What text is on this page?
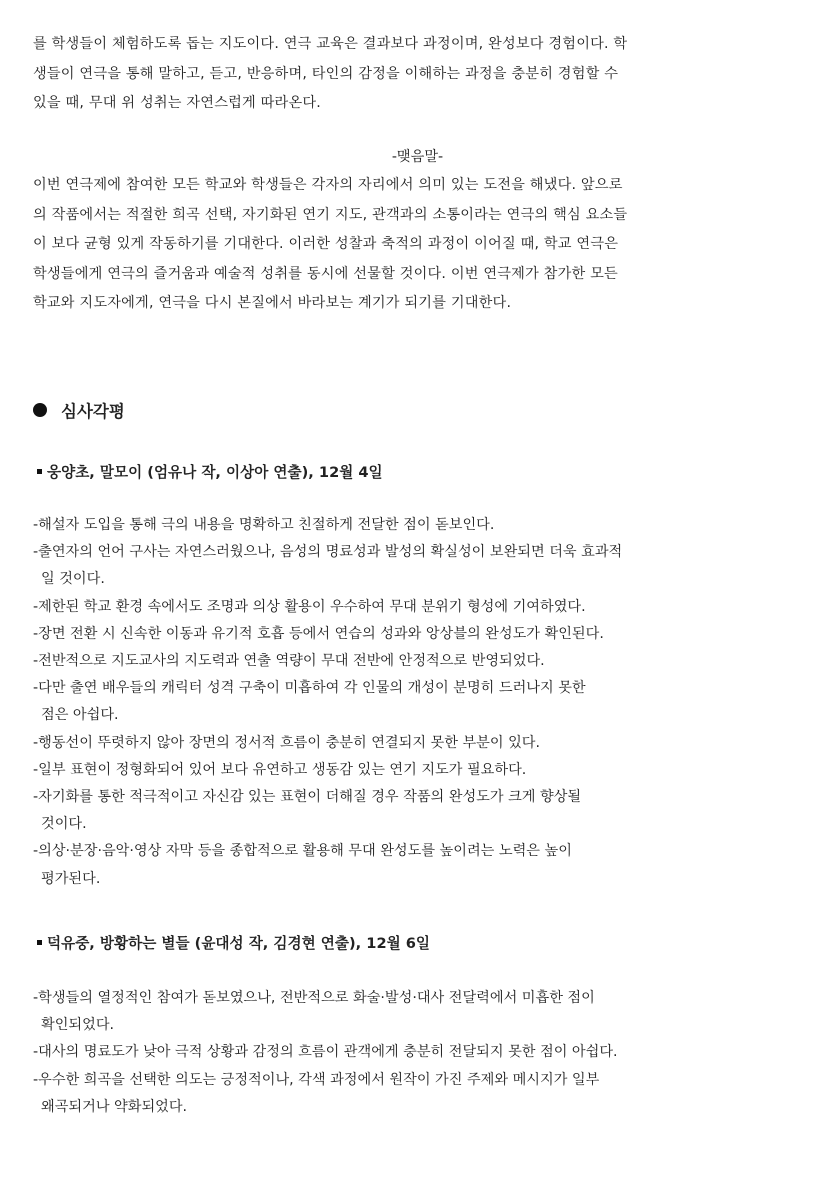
를 학생들이 체험하도록 돕는 지도이다. 연극 교육은 결과보다 과정이며, 완성보다 경험이다. 학
생들이 연극을 통해 말하고, 듣고, 반응하며, 타인의 감정을 이해하는 과정을 충분히 경험할 수
있을 때, 무대 위 성취는 자연스럽게 따라온다.
-맺음말-
이번 연극제에 참여한 모든 학교와 학생들은 각자의 자리에서 의미 있는 도전을 해냈다. 앞으로
의 작품에서는 적절한 희곡 선택, 자기화된 연기 지도, 관객과의 소통이라는 연극의 핵심 요소들
이 보다 균형 있게 작동하기를 기대한다. 이러한 성찰과 축적의 과정이 이어질 때, 학교 연극은
학생들에게 연극의 즐거움과 예술적 성취를 동시에 선물할 것이다. 이번 연극제가 참가한 모든
학교와 지도자에게, 연극을 다시 본질에서 바라보는 계기가 되기를 기대한다.
심사각평
웅양초, 말모이 (엄유나 작, 이상아 연출), 12월 4일
-해설자 도입을 통해 극의 내용을 명확하고 친절하게 전달한 점이 돋보인다.
-출연자의 언어 구사는 자연스러웠으나, 음성의 명료성과 발성의 확실성이 보완되면 더욱 효과적
일 것이다.
-제한된 학교 환경 속에서도 조명과 의상 활용이 우수하여 무대 분위기 형성에 기여하였다.
-장면 전환 시 신속한 이동과 유기적 호흡 등에서 연습의 성과와 앙상블의 완성도가 확인된다.
-전반적으로 지도교사의 지도력과 연출 역량이 무대 전반에 안정적으로 반영되었다.
-다만 출연 배우들의 캐릭터 성격 구축이 미흡하여 각 인물의 개성이 분명히 드러나지 못한
점은 아쉽다.
-행동선이 뚜렷하지 않아 장면의 정서적 흐름이 충분히 연결되지 못한 부분이 있다.
-일부 표현이 정형화되어 있어 보다 유연하고 생동감 있는 연기 지도가 필요하다.
-자기화를 통한 적극적이고 자신감 있는 표현이 더해질 경우 작품의 완성도가 크게 향상될
것이다.
-의상·분장·음악·영상 자막 등을 종합적으로 활용해 무대 완성도를 높이려는 노력은 높이
평가된다.
덕유중, 방황하는 별들 (윤대성 작, 김경현 연출), 12월 6일
-학생들의 열정적인 참여가 돋보였으나, 전반적으로 화술·발성·대사 전달력에서 미흡한 점이
확인되었다.
-대사의 명료도가 낮아 극적 상황과 감정의 흐름이 관객에게 충분히 전달되지 못한 점이 아쉽다.
-우수한 희곡을 선택한 의도는 긍정적이나, 각색 과정에서 원작이 가진 주제와 메시지가 일부
왜곡되거나 약화되었다.
